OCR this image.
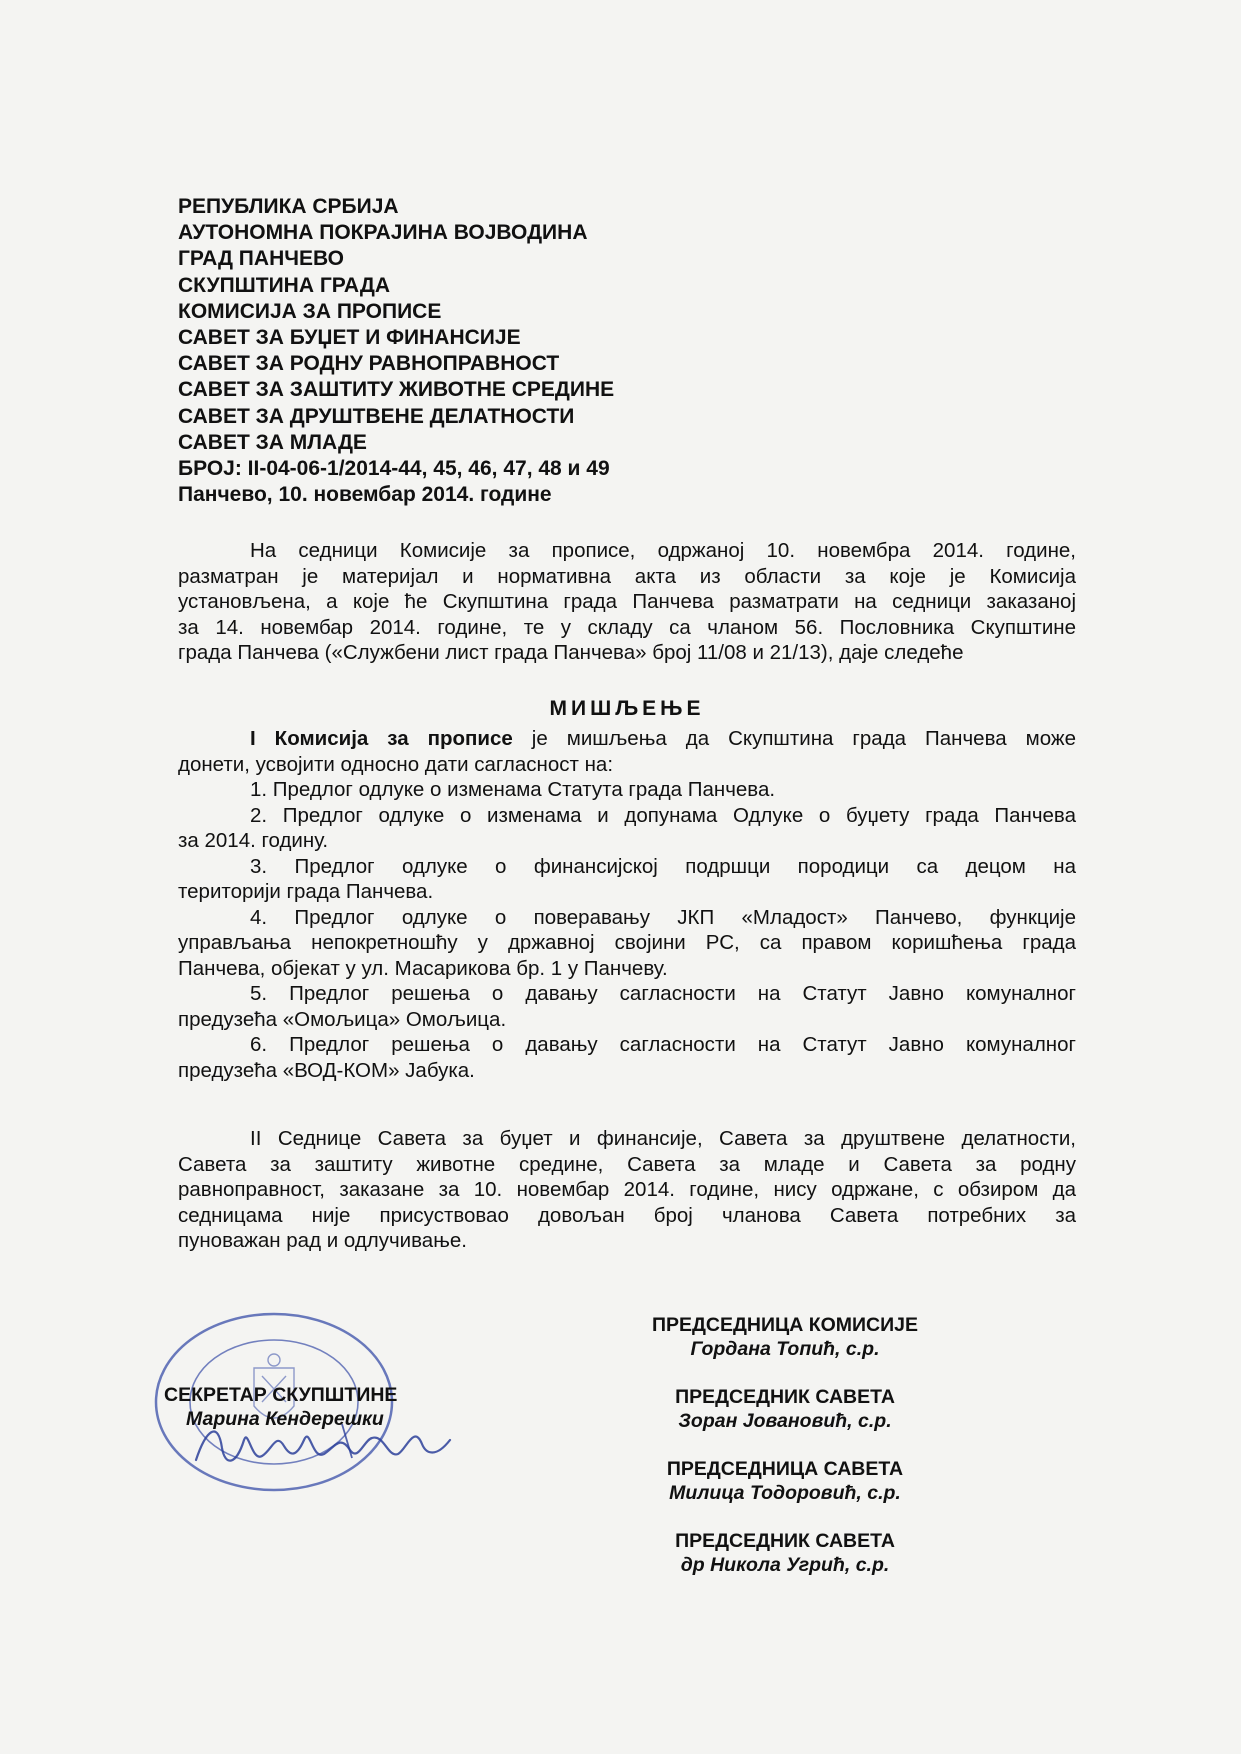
РЕПУБЛИКА СРБИЈА
АУТОНОМНА ПОКРАЈИНА ВОЈВОДИНА
ГРАД ПАНЧЕВО
СКУПШТИНА ГРАДА
КОМИСИЈА ЗА ПРОПИСЕ
САВЕТ ЗА БУЏЕТ И ФИНАНСИЈЕ
САВЕТ ЗА РОДНУ РАВНОПРАВНОСТ
САВЕТ ЗА ЗАШТИТУ ЖИВОТНЕ СРЕДИНЕ
САВЕТ ЗА ДРУШТВЕНЕ ДЕЛАТНОСТИ
САВЕТ ЗА МЛАДЕ
БРОЈ: II-04-06-1/2014-44, 45, 46, 47, 48 и 49
Панчево, 10. новембар 2014. године
На седници Комисије за прописе, одржаној 10. новембра 2014. године,
разматран је материјал и нормативна акта из области за које је Комисија
установљена, а које ће Скупштина града Панчева разматрати на седници заказаној
за 14. новембар 2014. године, те у складу са чланом 56. Пословника Скупштине
града Панчева («Службени лист града Панчева» број 11/08 и 21/13), даје следеће
МИШЉЕЊЕ
I Комисија за прописе је мишљења да Скупштина града Панчева може
донети, усвојити односно дати сагласност на:
1. Предлог одлуке о изменама Статута града Панчева.
2. Предлог одлуке о изменама и допунама Одлуке о буџету града Панчева
за 2014. годину.
3. Предлог одлуке о финансијској подршци породици са децом на
територији града Панчева.
4. Предлог одлуке о поверавању ЈКП «Младост» Панчево, функције
управљања непокретношћу у државној својини РС, са правом коришћења града
Панчева, објекат у ул. Масарикова бр. 1 у Панчеву.
5. Предлог решења о давању сагласности на Статут Јавно комуналног
предузећа «Омољица» Омољица.
6. Предлог решења о давању сагласности на Статут Јавно комуналног
предузећа «ВОД-КОМ» Јабука.
II Седнице Савета за буџет и финансије, Савета за друштвене делатности,
Савета за заштиту животне средине, Савета за младе и Савета за родну
равноправност, заказане за 10. новембар 2014. године, нису одржане, с обзиром да
седницама није присуствовао довољан број чланова Савета потребних за
пуноважан рад и одлучивање.
СЕКРЕТАР СКУПШТИНЕ
Марина Кендерешки
ПРЕДСЕДНИЦА КОМИСИЈЕ
Гордана Топић, с.р.
ПРЕДСЕДНИК САВЕТА
Зоран Јовановић, с.р.
ПРЕДСЕДНИЦА САВЕТА
Милица Тодоровић, с.р.
ПРЕДСЕДНИК САВЕТА
др Никола Угрић, с.р.
